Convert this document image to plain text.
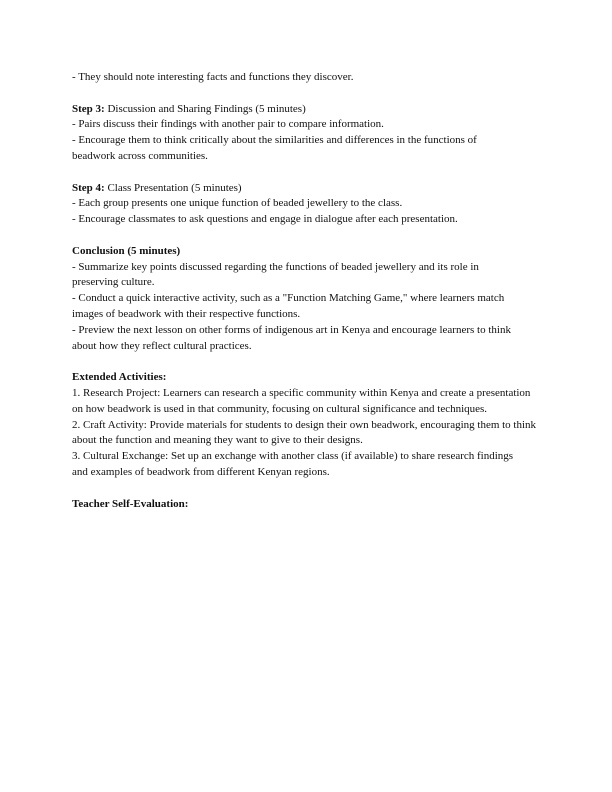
- They should note interesting facts and functions they discover.
Step 3: Discussion and Sharing Findings (5 minutes)
- Pairs discuss their findings with another pair to compare information.
- Encourage them to think critically about the similarities and differences in the functions of beadwork across communities.
Step 4: Class Presentation (5 minutes)
- Each group presents one unique function of beaded jewellery to the class.
- Encourage classmates to ask questions and engage in dialogue after each presentation.
Conclusion (5 minutes)
- Summarize key points discussed regarding the functions of beaded jewellery and its role in preserving culture.
- Conduct a quick interactive activity, such as a "Function Matching Game," where learners match images of beadwork with their respective functions.
- Preview the next lesson on other forms of indigenous art in Kenya and encourage learners to think about how they reflect cultural practices.
Extended Activities:
1. Research Project: Learners can research a specific community within Kenya and create a presentation on how beadwork is used in that community, focusing on cultural significance and techniques.
2. Craft Activity: Provide materials for students to design their own beadwork, encouraging them to think about the function and meaning they want to give to their designs.
3. Cultural Exchange: Set up an exchange with another class (if available) to share research findings and examples of beadwork from different Kenyan regions.
Teacher Self-Evaluation:
